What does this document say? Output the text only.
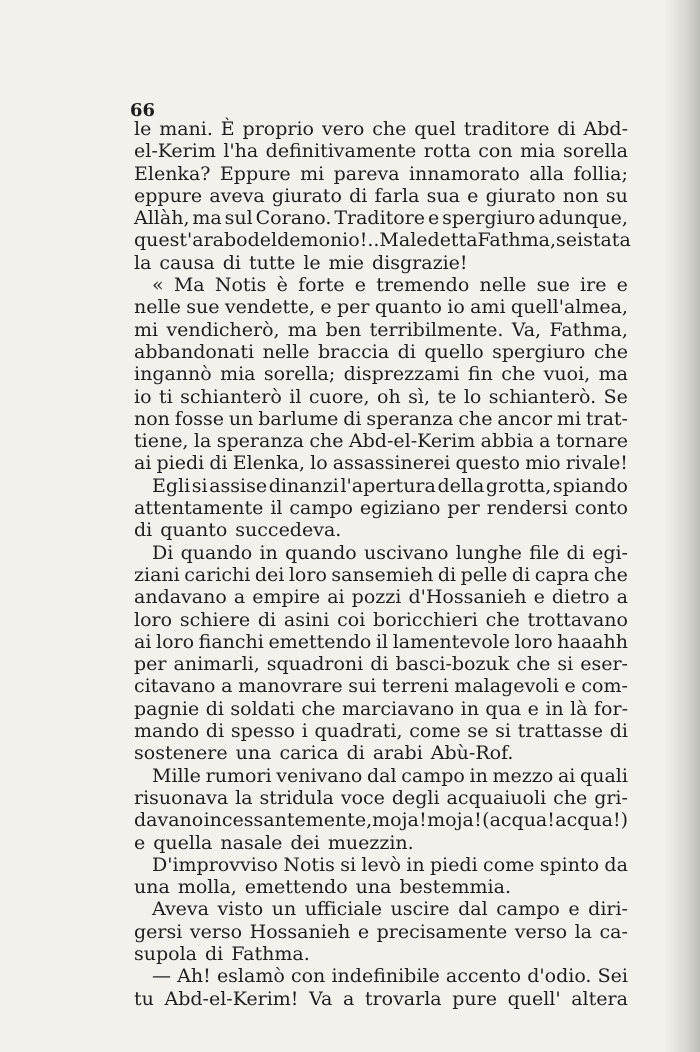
66
le mani. È proprio vero che quel traditore di Abd-
el-Kerim l'ha definitivamente rotta con mia sorella
Elenka? Eppure mi pareva innamorato alla follia;
eppure aveva giurato di farla sua e giurato non su
Allàh, ma sul Corano. Traditore e spergiuro adunque,
quest'arabo del demonio!.. Maledetta Fathma, sei stata
la causa di tutte le mie disgrazie!
« Ma Notis è forte e tremendo nelle sue ire e
nelle sue vendette, e per quanto io ami quell'almea,
mi vendicherò, ma ben terribilmente. Va, Fathma,
abbandonati nelle braccia di quello spergiuro che
ingannò mia sorella; disprezzami fin che vuoi, ma
io ti schianterò il cuore, oh sì, te lo schianterò. Se
non fosse un barlume di speranza che ancor mi trat-
tiene, la speranza che Abd-el-Kerim abbia a tornare
ai piedi di Elenka, lo assassinerei questo mio rivale!
Egli si assise dinanzi l'apertura della grotta, spiando
attentamente il campo egiziano per rendersi conto
di quanto succedeva.
Di quando in quando uscivano lunghe file di egi-
ziani carichi dei loro sansemieh di pelle di capra che
andavano a empire ai pozzi d'Hossanieh e dietro a
loro schiere di asini coi boricchieri che trottavano
ai loro fianchi emettendo il lamentevole loro haaahh
per animarli, squadroni di basci-bozuk che si eser-
citavano a manovrare sui terreni malagevoli e com-
pagnie di soldati che marciavano in qua e in là for-
mando di spesso i quadrati, come se si trattasse di
sostenere una carica di arabi Abù-Rof.
Mille rumori venivano dal campo in mezzo ai quali
risuonava la stridula voce degli acquaiuoli che gri-
davano incessantemente,moja ! moja ! (acqua! acqua!)
e quella nasale dei muezzin.
D'improvviso Notis si levò in piedi come spinto da
una molla, emettendo una bestemmia.
Aveva visto un ufficiale uscire dal campo e diri-
gersi verso Hossanieh e precisamente verso la ca-
supola di Fathma.
— Ah! eslamò con indefinibile accento d'odio. Sei
tu Abd-el-Kerim! Va a trovarla pure quell' altera
